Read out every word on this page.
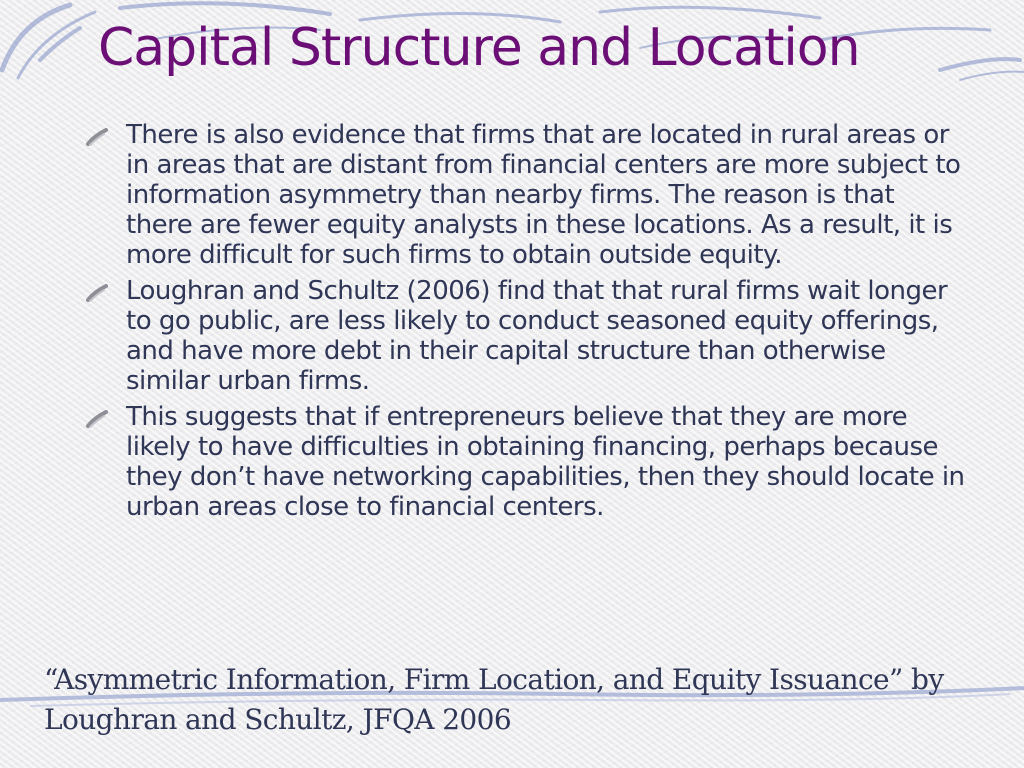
Capital Structure and Location
There is also evidence that firms that are located in rural areas or in areas that are distant from financial centers are more subject to information asymmetry than nearby firms. The reason is that there are fewer equity analysts in these locations. As a result, it is more difficult for such firms to obtain outside equity.
Loughran and Schultz (2006) find that that rural firms wait longer to go public, are less likely to conduct seasoned equity offerings, and have more debt in their capital structure than otherwise similar urban firms.
This suggests that if entrepreneurs believe that they are more likely to have difficulties in obtaining financing, perhaps because they don’t have networking capabilities, then they should locate in urban areas close to financial centers.
“Asymmetric Information, Firm Location, and Equity Issuance” by Loughran and Schultz, JFQA 2006
